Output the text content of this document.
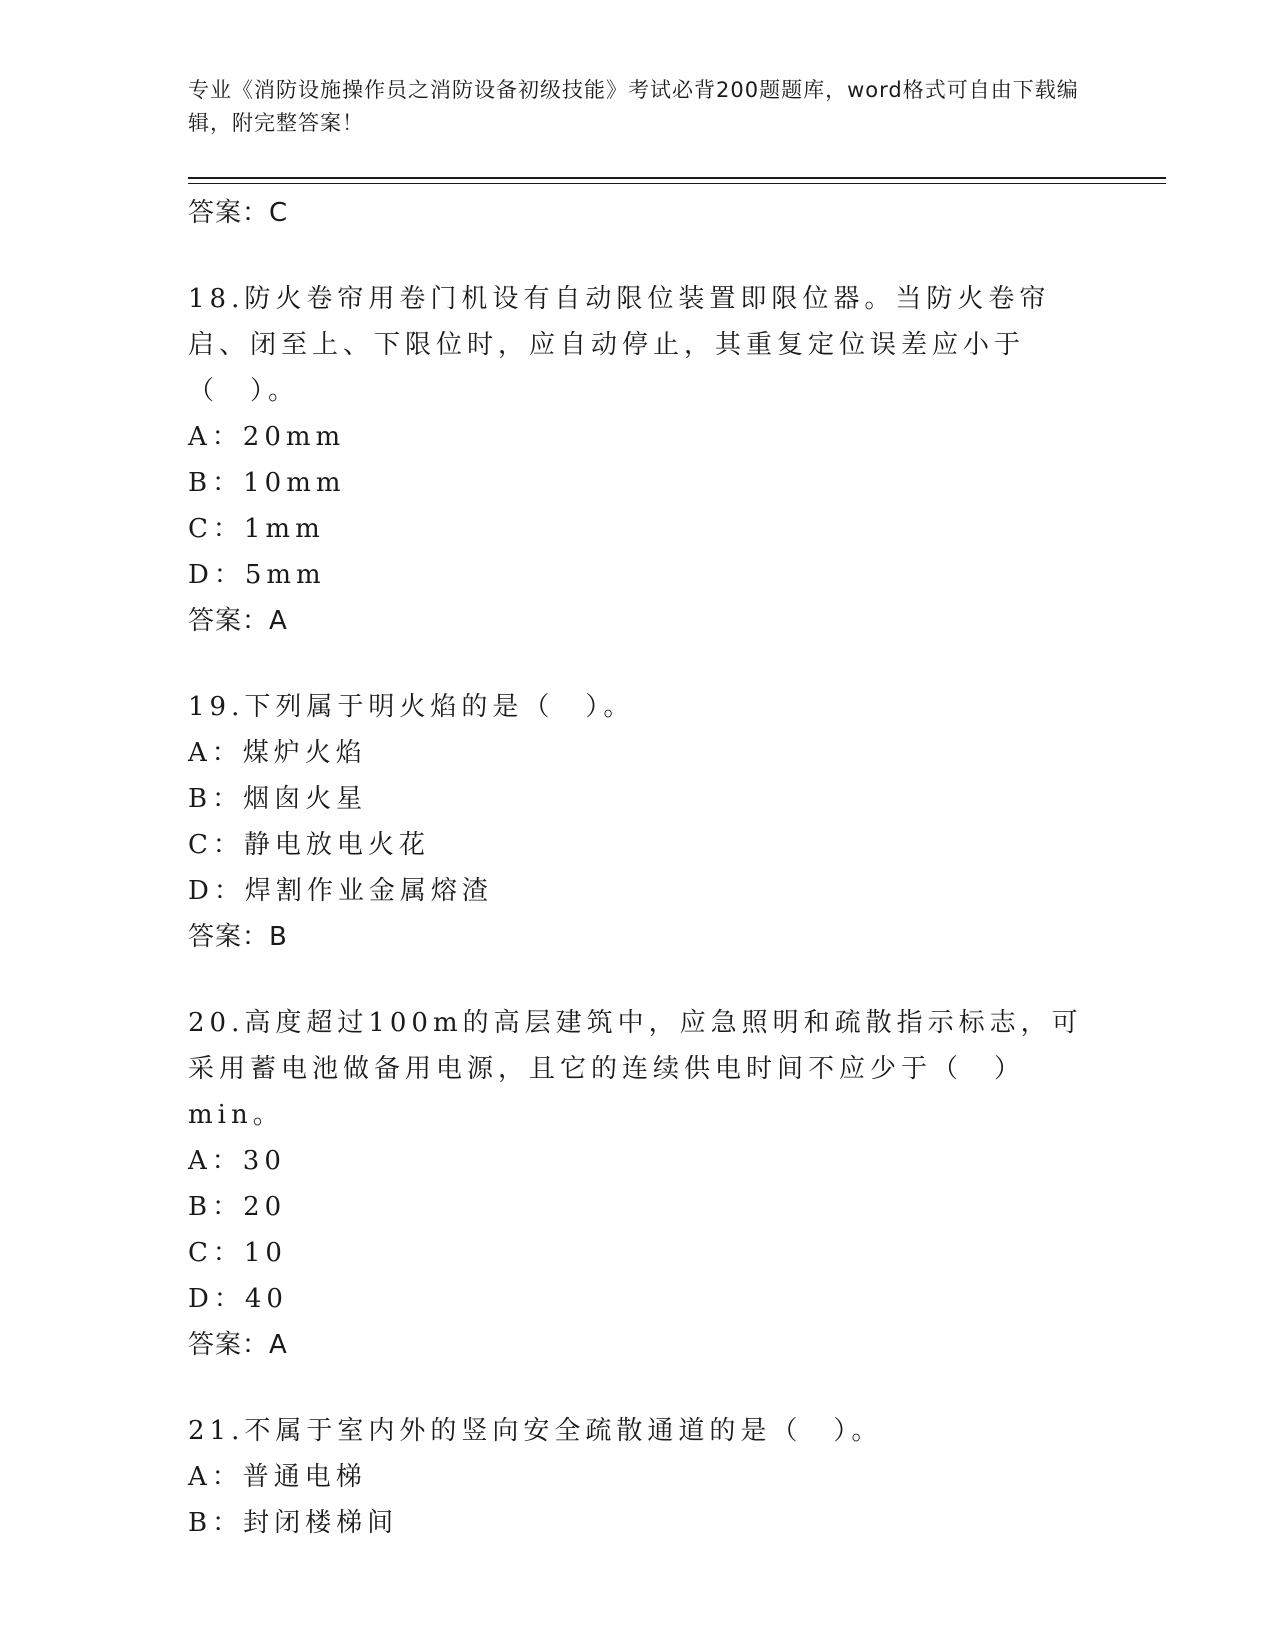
专业《消防设施操作员之消防设备初级技能》考试必背200题题库，word格式可自由下载编辑，附完整答案！
答案：C
18.防火卷帘用卷门机设有自动限位装置即限位器。当防火卷帘启、闭至上、下限位时，应自动停止，其重复定位误差应小于（　）。
A：20mm
B：10mm
C：1mm
D：5mm
答案：A
19.下列属于明火焰的是（　）。
A：煤炉火焰
B：烟囱火星
C：静电放电火花
D：焊割作业金属熔渣
答案：B
20.高度超过100m的高层建筑中，应急照明和疏散指示标志，可采用蓄电池做备用电源，且它的连续供电时间不应少于（　）min。
A：30
B：20
C：10
D：40
答案：A
21.不属于室内外的竖向安全疏散通道的是（　）。
A：普通电梯
B：封闭楼梯间
